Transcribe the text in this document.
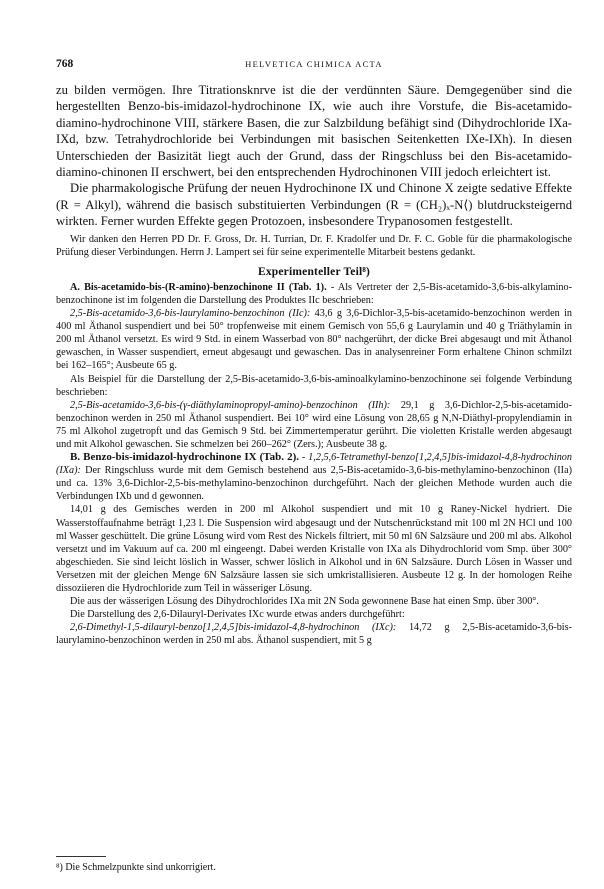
768	HELVETICA CHIMICA ACTA

zu bilden vermögen. Ihre Titrationsknrve ist die der verdünnten Säure. Demgegenüber sind die hergestellten Benzo-bis-imidazol-hydrochinone IX, wie auch ihre Vorstufe, die Bis-acetamido-diamino-hydrochinone VIII, stärkere Basen, die zur Salzbildung befähigt sind (Dihydrochloride IXa-IXd, bzw. Tetrahydrochloride bei Verbindungen mit basischen Seitenketten IXe-IXh). In diesen Unterschieden der Basizität liegt auch der Grund, dass der Ringschluss bei den Bis-acetamido-diamino-chinonen II erschwert, bei den entsprechenden Hydrochinonen VIII jedoch erleichtert ist.

Die pharmakologische Prüfung der neuen Hydrochinone IX und Chinone X zeigte sedative Effekte (R = Alkyl), während die basisch substituierten Verbindungen (R = (CH₂)ₓ-N⟨) blutdrucksteigernd wirkten. Ferner wurden Effekte gegen Protozoen, insbesondere Trypanosomen festgestellt.

Wir danken den Herren PD Dr. F. Gross, Dr. H. Turrian, Dr. F. Kradolfer und Dr. F. C. Goble für die pharmakologische Prüfung dieser Verbindungen. Herrn J. Lampert sei für seine experimentelle Mitarbeit bestens gedankt.

Experimenteller Teil⁸)

A. Bis-acetamido-bis-(R-amino)-benzochinone II (Tab. 1). - Als Vertreter der 2,5-Bis-acetamido-3,6-bis-alkylamino-benzochinone ist im folgenden die Darstellung des Produktes IIc beschrieben:

2,5-Bis-acetamido-3,6-bis-laurylamino-benzochinon (IIc): 43,6 g 3,6-Dichlor-3,5-bis-acetamido-benzochinon werden in 400 ml Äthanol suspendiert und bei 50° tropfenweise mit einem Gemisch von 55,6 g Laurylamin und 40 g Triäthylamin in 200 ml Äthanol versetzt. Es wird 9 Std. in einem Wasserbad von 80° nachgerührt, der dicke Brei abgesaugt und mit Äthanol gewaschen, in Wasser suspendiert, erneut abgesaugt und gewaschen. Das in analysenreiner Form erhaltene Chinon schmilzt bei 162–165°; Ausbeute 65 g.

Als Beispiel für die Darstellung der 2,5-Bis-acetamido-3,6-bis-aminoalkylamino-benzochinone sei folgende Verbindung beschrieben:

2,5-Bis-acetamido-3,6-bis-(γ-diäthylaminopropyl-amino)-benzochinon (IIh): 29,1 g 3,6-Dichlor-2,5-bis-acetamido-benzochinon werden in 250 ml Äthanol suspendiert. Bei 10° wird eine Lösung von 28,65 g N,N-Diäthyl-propylendiamin in 75 ml Alkohol zugetropft und das Gemisch 9 Std. bei Zimmertemperatur gerührt. Die violetten Kristalle werden abgesaugt und mit Alkohol gewaschen. Sie schmelzen bei 260–262° (Zers.); Ausbeute 38 g.

B. Benzo-bis-imidazol-hydrochinone IX (Tab. 2). - 1,2,5,6-Tetramethyl-benzo[1,2,4,5]bis-imidazol-4,8-hydrochinon (IXa): Der Ringschluss wurde mit dem Gemisch bestehend aus 2,5-Bis-acetamido-3,6-bis-methylamino-benzochinon (IIa) und ca. 13% 3,6-Dichlor-2,5-bis-methylamino-benzochinon durchgeführt. Nach der gleichen Methode wurden auch die Verbindungen IXb und d gewonnen.

14,01 g des Gemisches werden in 200 ml Alkohol suspendiert und mit 10 g Raney-Nickel hydriert. Die Wasserstoffaufnahme beträgt 1,23 l. Die Suspension wird abgesaugt und der Nutschenrückstand mit 100 ml 2N HCl und 100 ml Wasser geschüttelt. Die grüne Lösung wird vom Rest des Nickels filtriert, mit 50 ml 6N Salzsäure und 200 ml abs. Alkohol versetzt und im Vakuum auf ca. 200 ml eingeengt. Dabei werden Kristalle von IXa als Dihydrochlorid vom Smp. über 300° abgeschieden. Sie sind leicht löslich in Wasser, schwer löslich in Alkohol und in 6N Salzsäure. Durch Lösen in Wasser und Versetzen mit der gleichen Menge 6N Salzsäure lassen sie sich umkristallisieren. Ausbeute 12 g. In der homologen Reihe dissoziieren die Hydrochloride zum Teil in wässeriger Lösung.

Die aus der wässerigen Lösung des Dihydrochlorides IXa mit 2N Soda gewonnene Base hat einen Smp. über 300°.

Die Darstellung des 2,6-Dilauryl-Derivates IXc wurde etwas anders durchgeführt:

2,6-Dimethyl-1,5-dilauryl-benzo[1,2,4,5]bis-imidazol-4,8-hydrochinon (IXc): 14,72 g 2,5-Bis-acetamido-3,6-bis-laurylamino-benzochinon werden in 250 ml abs. Äthanol suspendiert, mit 5 g

⁸) Die Schmelzpunkte sind unkorrigiert.
